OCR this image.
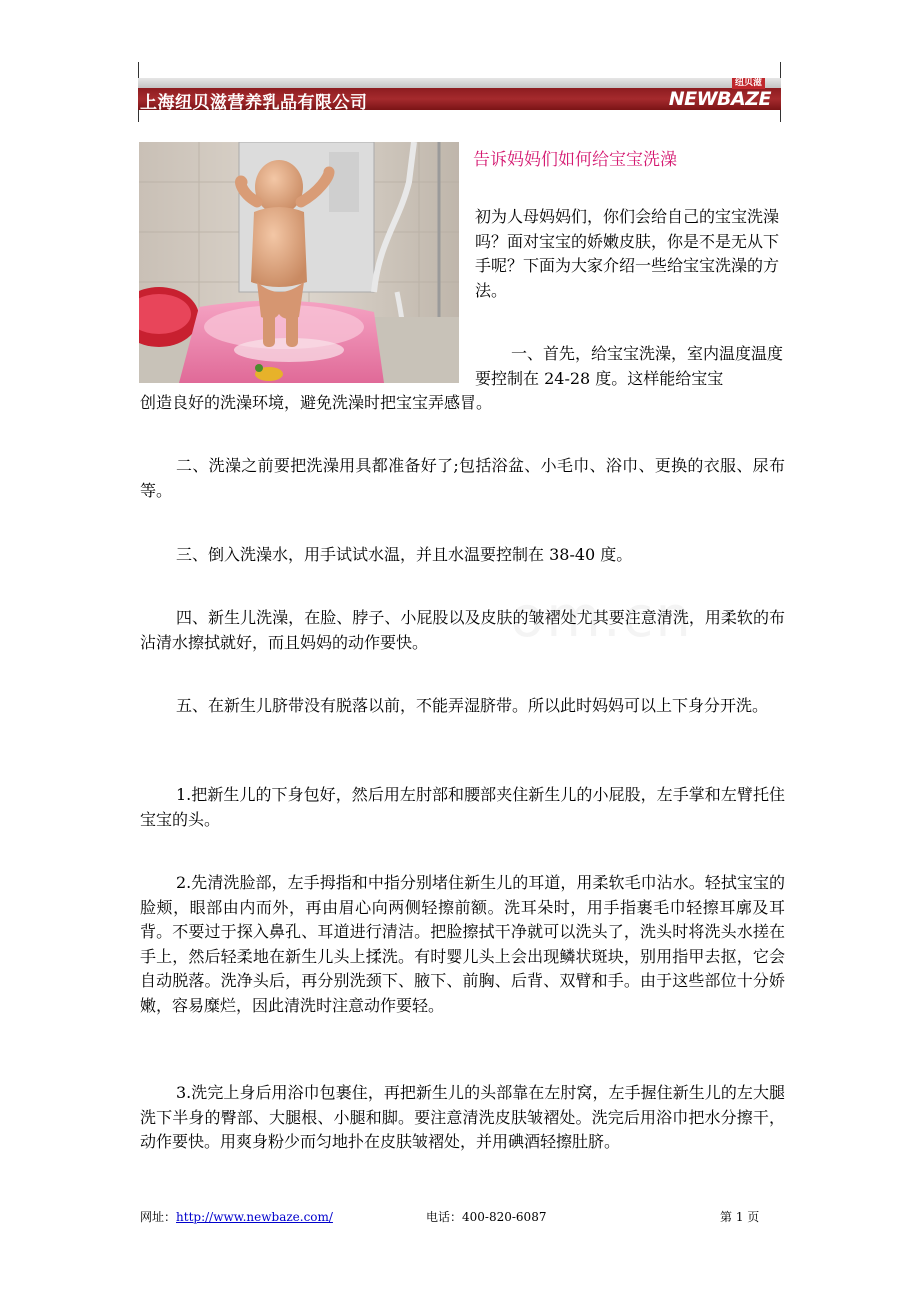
上海纽贝滋营养乳品有限公司
纽贝滋
NEWBAZE
告诉妈妈们如何给宝宝洗澡
初为人母妈妈们，你们会给自己的宝宝洗澡吗？面对宝宝的娇嫩皮肤，你是不是无从下手呢？下面为大家介绍一些给宝宝洗澡的方法。
一、首先，给宝宝洗澡，室内温度温度要控制在 24-28 度。这样能给宝宝
创造良好的洗澡环境，避免洗澡时把宝宝弄感冒。
二、洗澡之前要把洗澡用具都准备好了;包括浴盆、小毛巾、浴巾、更换的衣服、尿布等。
三、倒入洗澡水，用手试试水温，并且水温要控制在 38-40 度。
四、新生儿洗澡，在脸、脖子、小屁股以及皮肤的皱褶处尤其要注意清洗，用柔软的布沾清水擦拭就好，而且妈妈的动作要快。
五、在新生儿脐带没有脱落以前，不能弄湿脐带。所以此时妈妈可以上下身分开洗。
1.把新生儿的下身包好，然后用左肘部和腰部夹住新生儿的小屁股，左手掌和左臂托住宝宝的头。
2.先清洗脸部，左手拇指和中指分别堵住新生儿的耳道，用柔软毛巾沾水。轻拭宝宝的脸颊，眼部由内而外，再由眉心向两侧轻擦前额。洗耳朵时，用手指裹毛巾轻擦耳廓及耳背。不要过于探入鼻孔、耳道进行清洁。把脸擦拭干净就可以洗头了，洗头时将洗头水搓在手上，然后轻柔地在新生儿头上揉洗。有时婴儿头上会出现鳞状斑块，别用指甲去抠，它会自动脱落。洗净头后，再分别洗颈下、腋下、前胸、后背、双臂和手。由于这些部位十分娇嫩，容易糜烂，因此清洗时注意动作要轻。
3.洗完上身后用浴巾包裹住，再把新生儿的头部靠在左肘窝，左手握住新生儿的左大腿洗下半身的臀部、大腿根、小腿和脚。要注意清洗皮肤皱褶处。洗完后用浴巾把水分擦干，动作要快。用爽身粉少而匀地扑在皮肤皱褶处，并用碘酒轻擦肚脐。
网址：http://www.newbaze.com/	电话：400-820-6087	第 1 页
